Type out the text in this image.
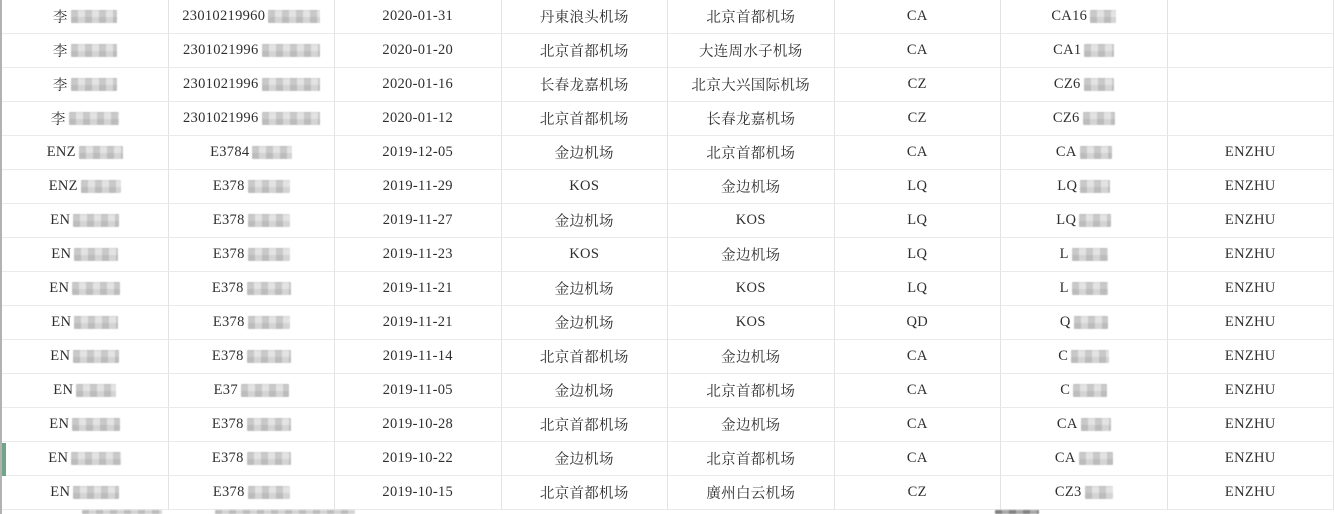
李	23010219960	2020-01-31	丹東浪头机场	北京首都机场	CA	CA16
李	2301021996	2020-01-20	北京首都机场	大连周水子机场	CA	CA1
李	2301021996	2020-01-16	长春龙嘉机场	北京大兴国际机场	CZ	CZ6
李	2301021996	2020-01-12	北京首都机场	长春龙嘉机场	CZ	CZ6
ENZ	E3784	2019-12-05	金边机场	北京首都机场	CA	CA	ENZHU
ENZ	E378	2019-11-29	KOS	金边机场	LQ	LQ	ENZHU
EN	E378	2019-11-27	金边机场	KOS	LQ	LQ	ENZHU
EN	E378	2019-11-23	KOS	金边机场	LQ	L	ENZHU
EN	E378	2019-11-21	金边机场	KOS	LQ	L	ENZHU
EN	E378	2019-11-21	金边机场	KOS	QD	Q	ENZHU
EN	E378	2019-11-14	北京首都机场	金边机场	CA	C	ENZHU
EN	E37	2019-11-05	金边机场	北京首都机场	CA	C	ENZHU
EN	E378	2019-10-28	北京首都机场	金边机场	CA	CA	ENZHU
EN	E378	2019-10-22	金边机场	北京首都机场	CA	CA	ENZHU
EN	E378	2019-10-15	北京首都机场	廣州白云机场	CZ	CZ3	ENZHU
